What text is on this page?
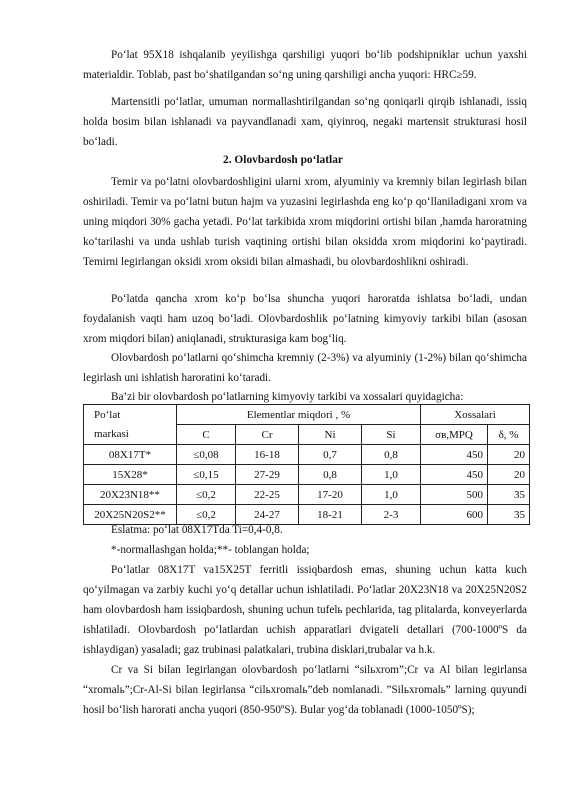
Po‘lat 95X18 ishqalanib yeyilishga qarshiligi yuqori bo‘lib podshipniklar uchun yaxshi materialdir. Toblab, past bo‘shatilgandan so‘ng uning qarshiligi ancha yuqori: HRC≥59.

Martensitli po‘latlar, umuman normallashtirilgandan so‘ng qoniqarli qirqib ishlanadi, issiq holda bosim bilan ishlanadi va payvandlanadi xam, qiyinroq, negaki martensit strukturasi hosil bo‘ladi.

2. Olovbardosh po‘latlar

Temir va po‘latni olovbardoshligini ularni xrom, alyuminiy va kremniy bilan legirlash bilan oshiriladi. Temir va po‘latni butun hajm va yuzasini legirlashda eng ko‘p qo‘llaniladigani xrom va uning miqdori 30% gacha yetadi. Po‘lat tarkibida xrom miqdorini ortishi bilan ,hamda haroratning ko‘tarilashi va unda ushlab turish vaqtining ortishi bilan oksidda xrom miqdorini ko‘paytiradi. Temirni legirlangan oksidi xrom oksidi bilan almashadi, bu olovbardoshlikni oshiradi.

Po‘latda qancha xrom ko‘p bo‘lsa shuncha yuqori haroratda ishlatsa bo‘ladi, undan foydalanish vaqti ham uzoq bo‘ladi. Olovbardoshlik po‘latning kimyoviy tarkibi bilan (asosan xrom miqdori bilan) aniqlanadi, strukturasiga kam bog‘liq.

Olovbardosh po‘latlarni qo‘shimcha kremniy (2-3%) va alyuminiy (1-2%) bilan qo‘shimcha legirlash uni ishlatish haroratini ko‘taradi.

Ba’zi bir olovbardosh po‘latlarning kimyoviy tarkibi va xossalari quyidagicha:

Po‘lat	Elementlar miqdori , %				Xossalari	
markasi	C	Cr	Ni	Si	σв,MPQ	δ, %
08X17T*	≤0,08	16-18	0,7	0,8	450	20
15X28*	≤0,15	27-29	0,8	1,0	450	20
20X23N18**	≤0,2	22-25	17-20	1,0	500	35
20X25N20S2**	≤0,2	24-27	18-21	2-3	600	35

Eslatma: po‘lat 08X17Tda Ti=0,4-0,8.

*-normallashgan holda;**- toblangan holda;

Po‘latlar 08X17T va15X25T ferritli issiqbardosh emas, shuning uchun katta kuch qo‘yilmagan va zarbiy kuchi yo‘q detallar uchun ishlatiladi. Po‘latlar 20X23N18 va 20X25N20S2 ham olovbardosh ham issiqbardosh, shuning uchun tufelь pechlarida, tag plitalarda, konveyerlarda ishlatiladi. Olovbardosh po‘latlardan uchish apparatlari dvigateli detallari (700-1000ºS da ishlaydigan) yasaladi; gaz trubinasi palatkalari, trubina disklari,trubalar va h.k.

Cr va Si bilan legirlangan olovbardosh po‘latlarni “silьxrom”;Cr va Al bilan legirlansa “xromalь”;Cr-Al-Si bilan legirlansa “cilьxromalь”deb nomlanadi. ”Silьxromalь” larning quyundi hosil bo‘lish harorati ancha yuqori (850-950ºS). Bular yog‘da toblanadi (1000-1050ºS);
